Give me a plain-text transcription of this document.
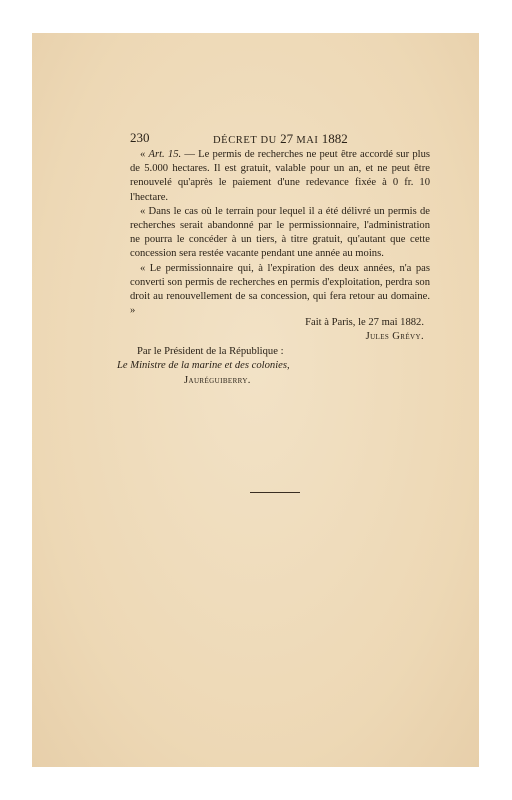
230	DÉCRET DU 27 MAI 1882

« Art. 15. — Le permis de recherches ne peut être accordé sur plus de 5.000 hectares. Il est gratuit, valable pour un an, et ne peut être renouvelé qu'après le paiement d'une redevance fixée à 0 fr. 10 l'hectare.

« Dans le cas où le terrain pour lequel il a été délivré un permis de recherches serait abandonné par le permissionnaire, l'administration ne pourra le concéder à un tiers, à titre gratuit, qu'autant que cette concession sera restée vacante pendant une année au moins.

« Le permissionnaire qui, à l'expiration des deux années, n'a pas converti son permis de recherches en permis d'exploitation, perdra son droit au renouvellement de sa concession, qui fera retour au domaine. »

Fait à Paris, le 27 mai 1882.
Jules Grévy.
Par le Président de la République :
Le Ministre de la marine et des colonies,
Jauréguiberry.
